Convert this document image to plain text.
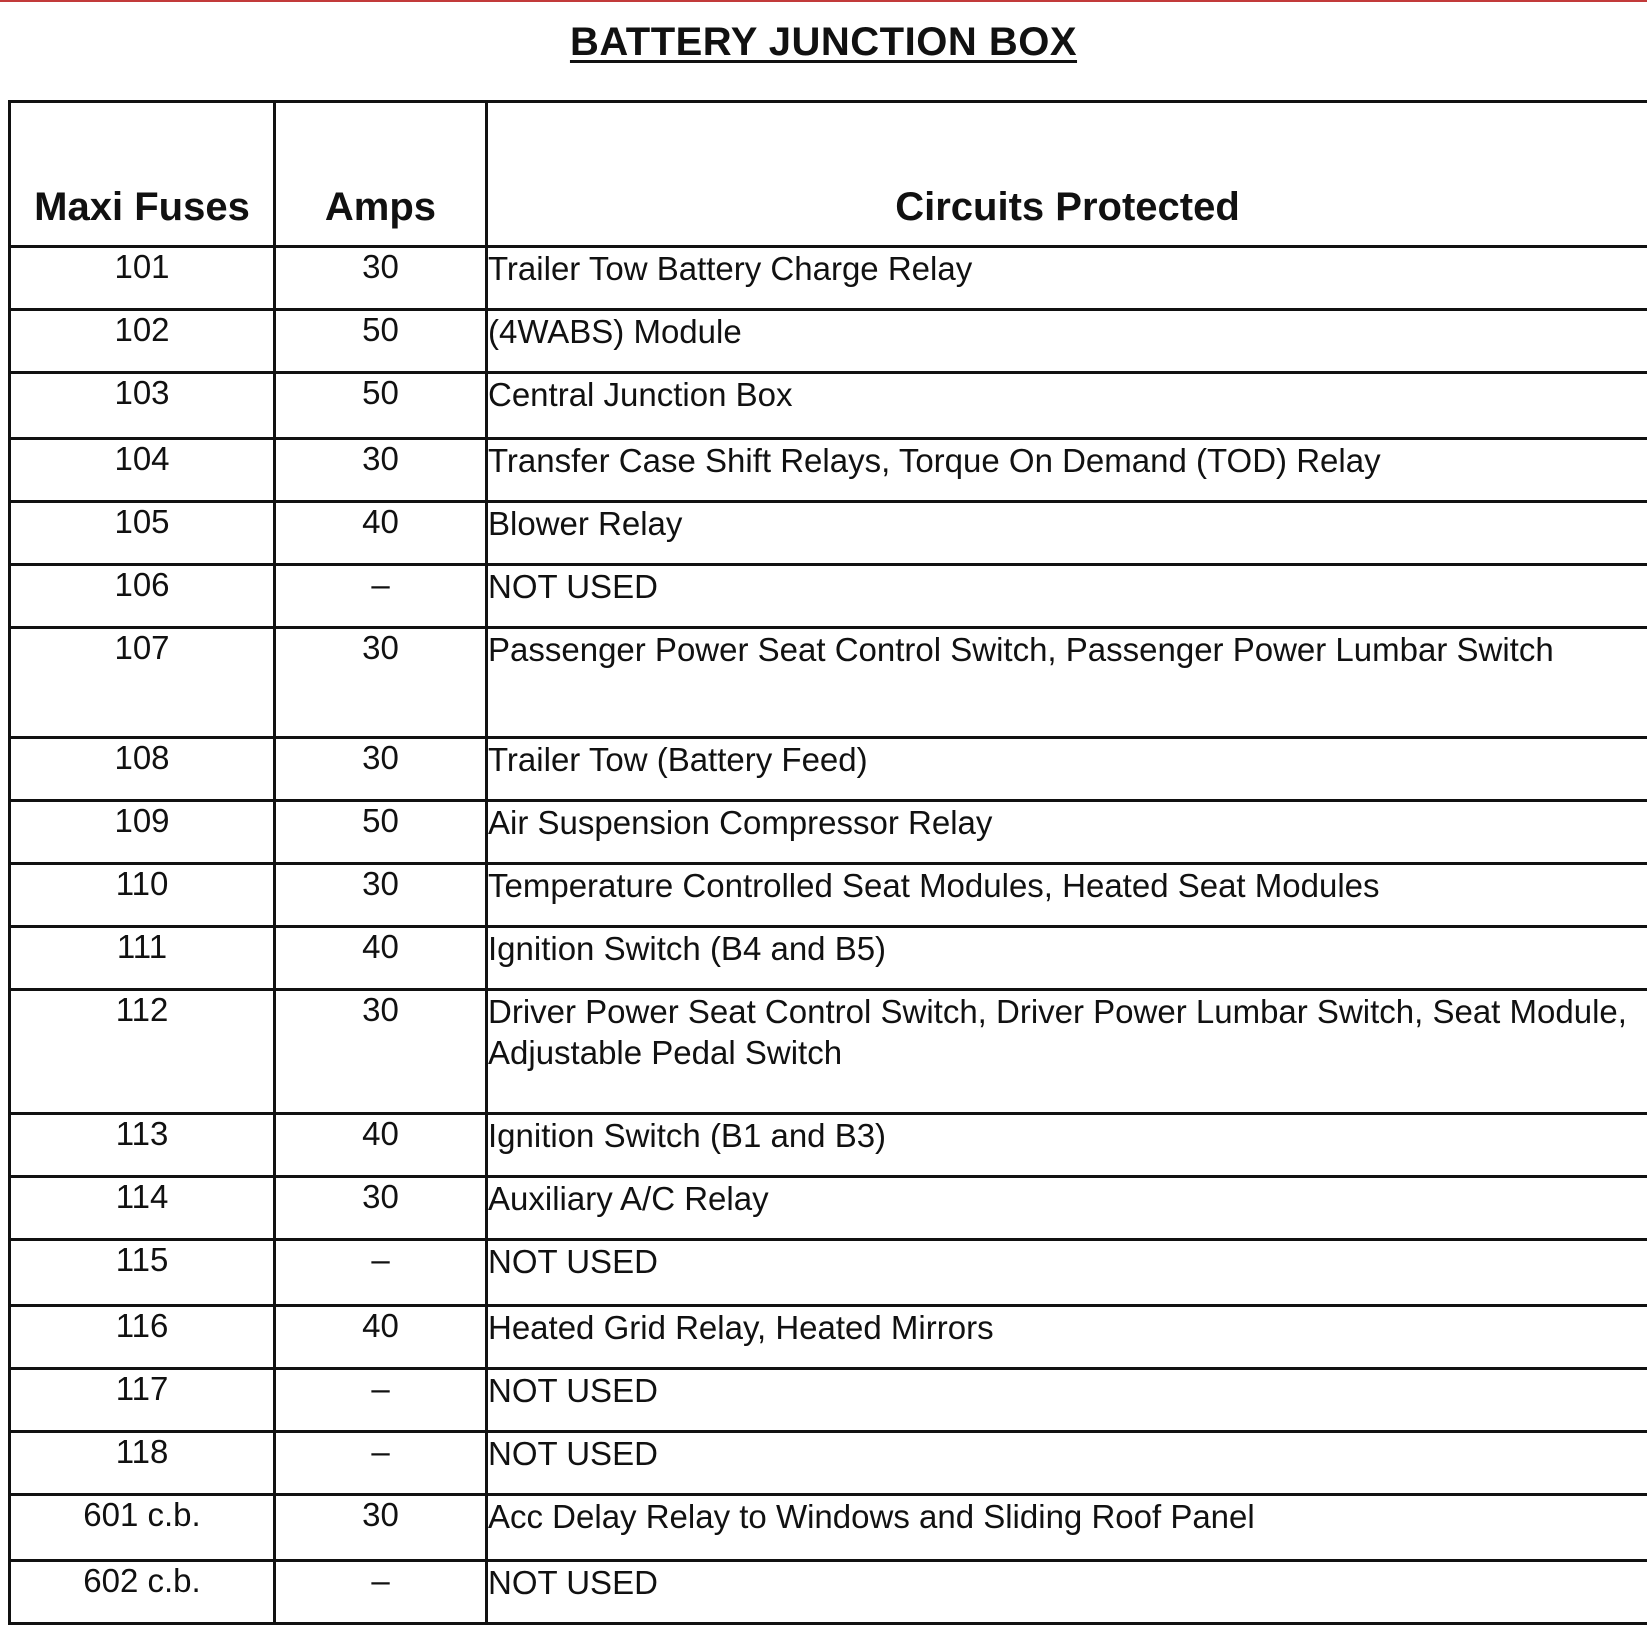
BATTERY JUNCTION BOX
Maxi Fuses	Amps	Circuits Protected
101	30	Trailer Tow Battery Charge Relay
102	50	(4WABS) Module
103	50	Central Junction Box
104	30	Transfer Case Shift Relays, Torque On Demand (TOD) Relay
105	40	Blower Relay
106	–	NOT USED
107	30	Passenger Power Seat Control Switch, Passenger Power Lumbar Switch
108	30	Trailer Tow (Battery Feed)
109	50	Air Suspension Compressor Relay
110	30	Temperature Controlled Seat Modules, Heated Seat Modules
111	40	Ignition Switch (B4 and B5)
112	30	Driver Power Seat Control Switch, Driver Power Lumbar Switch, Seat Module, Adjustable Pedal Switch
113	40	Ignition Switch (B1 and B3)
114	30	Auxiliary A/C Relay
115	–	NOT USED
116	40	Heated Grid Relay, Heated Mirrors
117	–	NOT USED
118	–	NOT USED
601 c.b.	30	Acc Delay Relay to Windows and Sliding Roof Panel
602 c.b.	–	NOT USED
